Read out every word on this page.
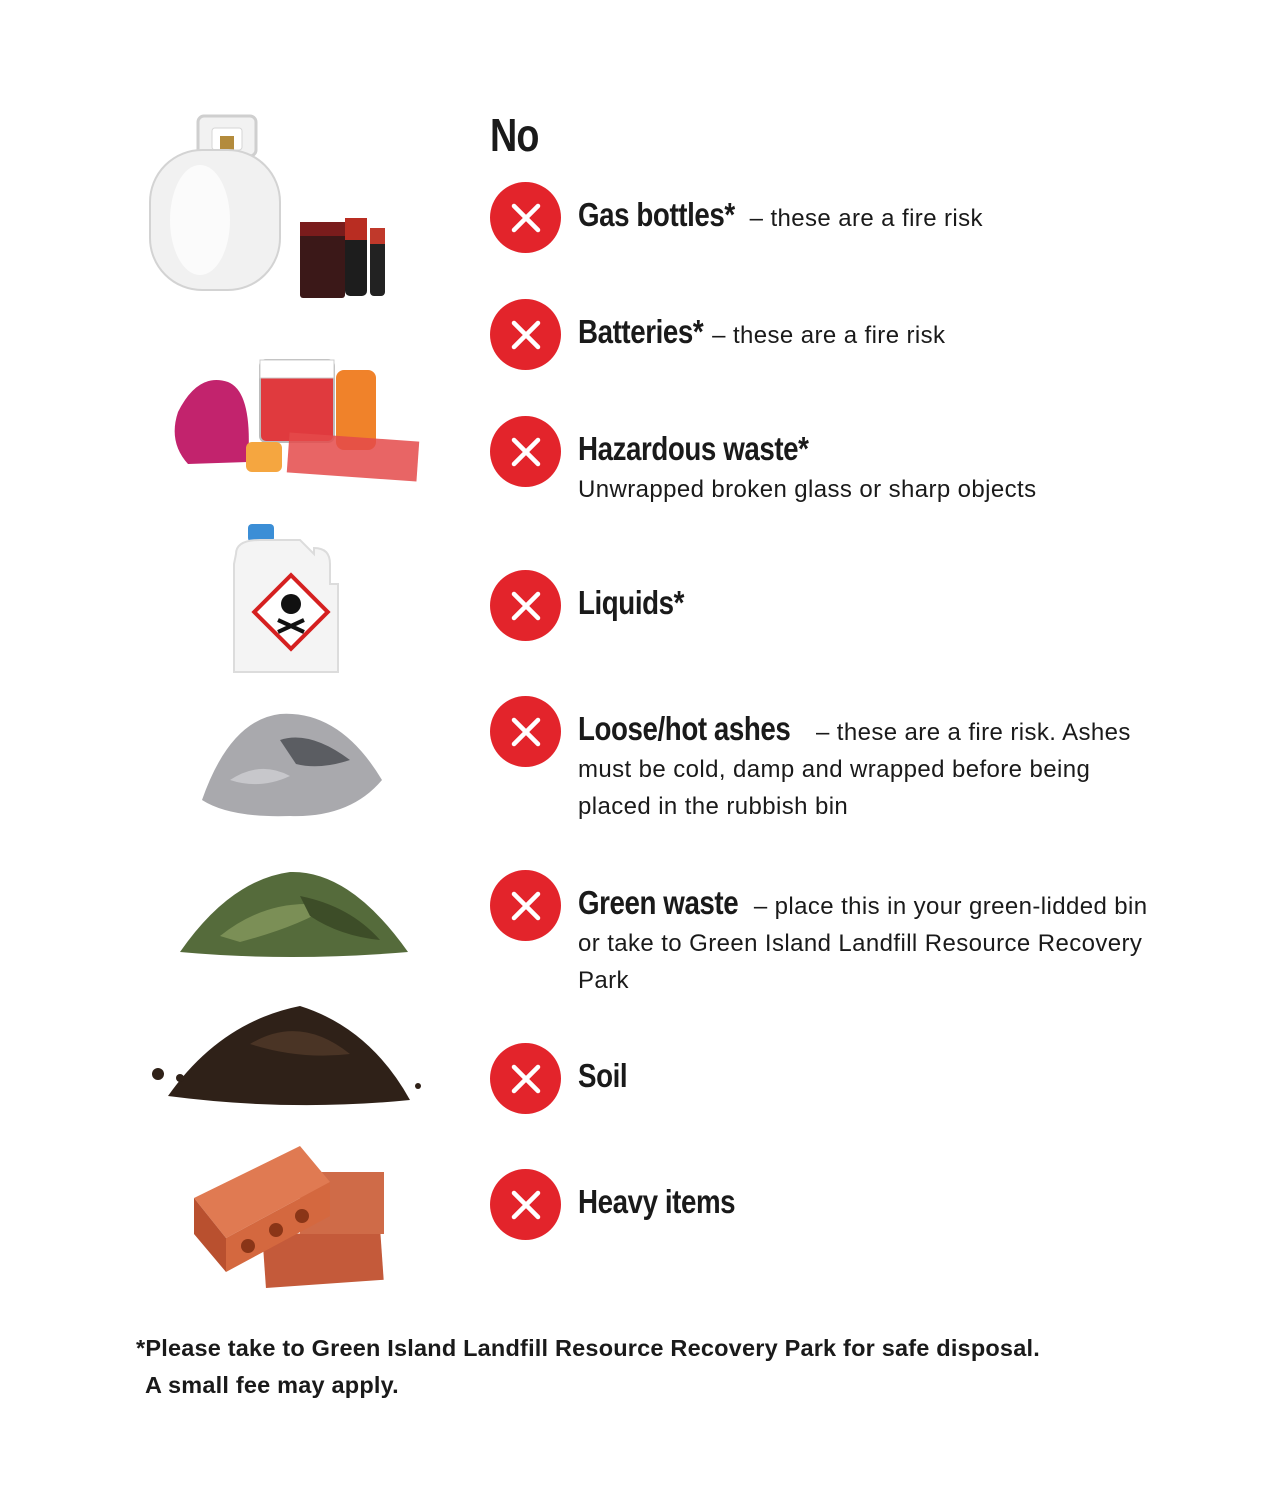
No
Gas bottles* – these are a fire risk
Batteries* – these are a fire risk
Hazardous waste*
Unwrapped broken glass or sharp objects
Liquids*
Loose/hot ashes – these are a fire risk. Ashes must be cold, damp and wrapped before being placed in the rubbish bin
Green waste – place this in your green-lidded bin or take to Green Island Landfill Resource Recovery Park
Soil
Heavy items
*Please take to Green Island Landfill Resource Recovery Park for safe disposal.
A small fee may apply.
